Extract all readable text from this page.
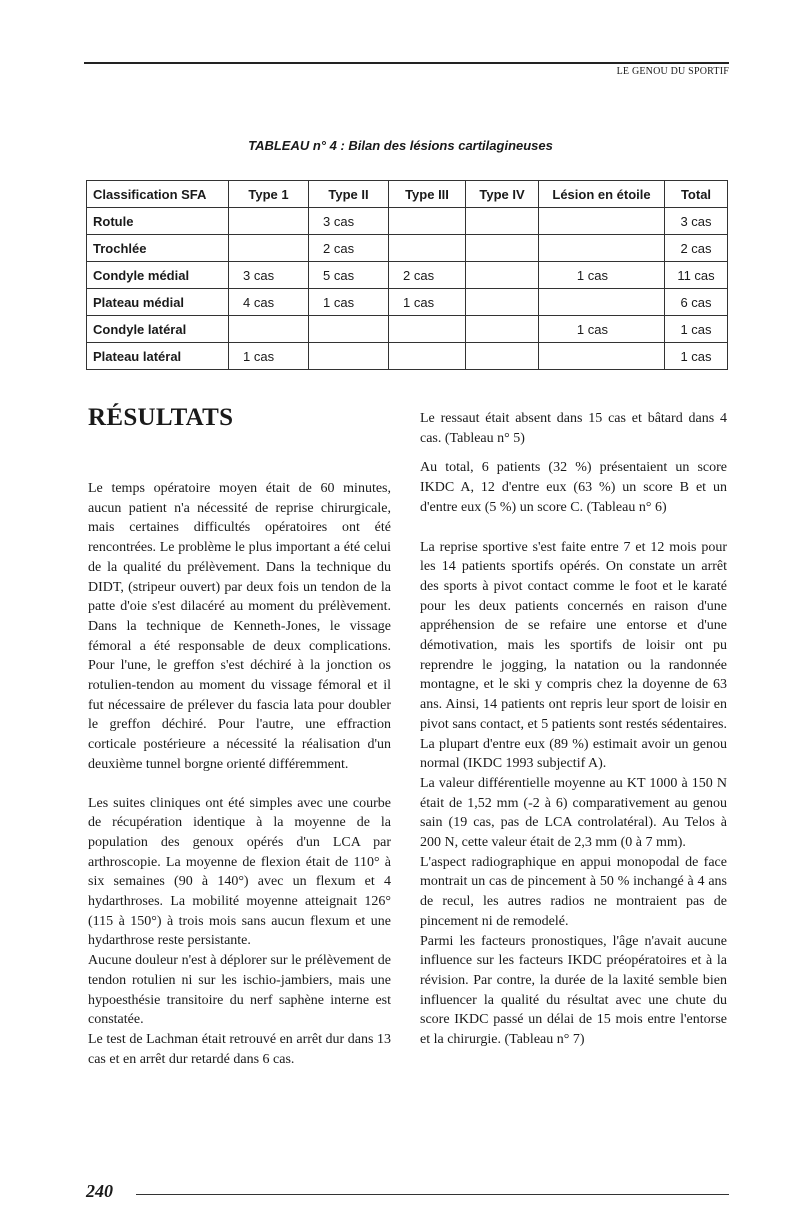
LE GENOU DU SPORTIF
TABLEAU n° 4 : Bilan des lésions cartilagineuses
Classification SFA	Type 1	Type II	Type III	Type IV	Lésion en étoile	Total
Rotule		3 cas				3 cas
Trochlée		2 cas				2 cas
Condyle médial	3 cas	5 cas	2 cas		1 cas	11 cas
Plateau médial	4 cas	1 cas	1 cas			6 cas
Condyle latéral					1 cas	1 cas
Plateau latéral	1 cas					1 cas
RÉSULTATS

Le temps opératoire moyen était de 60 minutes, aucun patient n'a nécessité de reprise chirurgicale, mais certaines difficultés opératoires ont été rencontrées. Le problème le plus important a été celui de la qualité du prélèvement. Dans la technique du DIDT, (stripeur ouvert) par deux fois un tendon de la patte d'oie s'est dilacéré au moment du prélèvement. Dans la technique de Kenneth-Jones, le vissage fémoral a été responsable de deux complications. Pour l'une, le greffon s'est déchiré à la jonction os rotulien-tendon au moment du vissage fémoral et il fut nécessaire de prélever du fascia lata pour doubler le greffon déchiré. Pour l'autre, une effraction corticale postérieure a nécessité la réalisation d'un deuxième tunnel borgne orienté différemment.

Les suites cliniques ont été simples avec une courbe de récupération identique à la moyenne de la population des genoux opérés d'un LCA par arthroscopie. La moyenne de flexion était de 110° à six semaines (90 à 140°) avec un flexum et 4 hydarthroses. La mobilité moyenne atteignait 126° (115 à 150°) à trois mois sans aucun flexum et une hydarthrose reste persistante.

Aucune douleur n'est à déplorer sur le prélèvement de tendon rotulien ni sur les ischio-jambiers, mais une hypoesthésie transitoire du nerf saphène interne est constatée.

Le test de Lachman était retrouvé en arrêt dur dans 13 cas et en arrêt dur retardé dans 6 cas.

Le ressaut était absent dans 15 cas et bâtard dans 4 cas. (Tableau n° 5)

Au total, 6 patients (32 %) présentaient un score IKDC A, 12 d'entre eux (63 %) un score B et un d'entre eux (5 %) un score C. (Tableau n° 6)

La reprise sportive s'est faite entre 7 et 12 mois pour les 14 patients sportifs opérés. On constate un arrêt des sports à pivot contact comme le foot et le karaté pour les deux patients concernés en raison d'une appréhension de se refaire une entorse et d'une démotivation, mais les sportifs de loisir ont pu reprendre le jogging, la natation ou la randonnée montagne, et le ski y compris chez la doyenne de 63 ans. Ainsi, 14 patients ont repris leur sport de loisir en pivot sans contact, et 5 patients sont restés sédentaires. La plupart d'entre eux (89 %) estimait avoir un genou normal (IKDC 1993 subjectif A).

La valeur différentielle moyenne au KT 1000 à 150 N était de 1,52 mm (-2 à 6) comparativement au genou sain (19 cas, pas de LCA controlatéral). Au Telos à 200 N, cette valeur était de 2,3 mm (0 à 7 mm).

L'aspect radiographique en appui monopodal de face montrait un cas de pincement à 50 % inchangé à 4 ans de recul, les autres radios ne montraient pas de pincement ni de remodelé.

Parmi les facteurs pronostiques, l'âge n'avait aucune influence sur les facteurs IKDC préopératoires et à la révision. Par contre, la durée de la laxité semble bien influencer la qualité du résultat avec une chute du score IKDC passé un délai de 15 mois entre l'entorse et la chirurgie. (Tableau n° 7)

240
